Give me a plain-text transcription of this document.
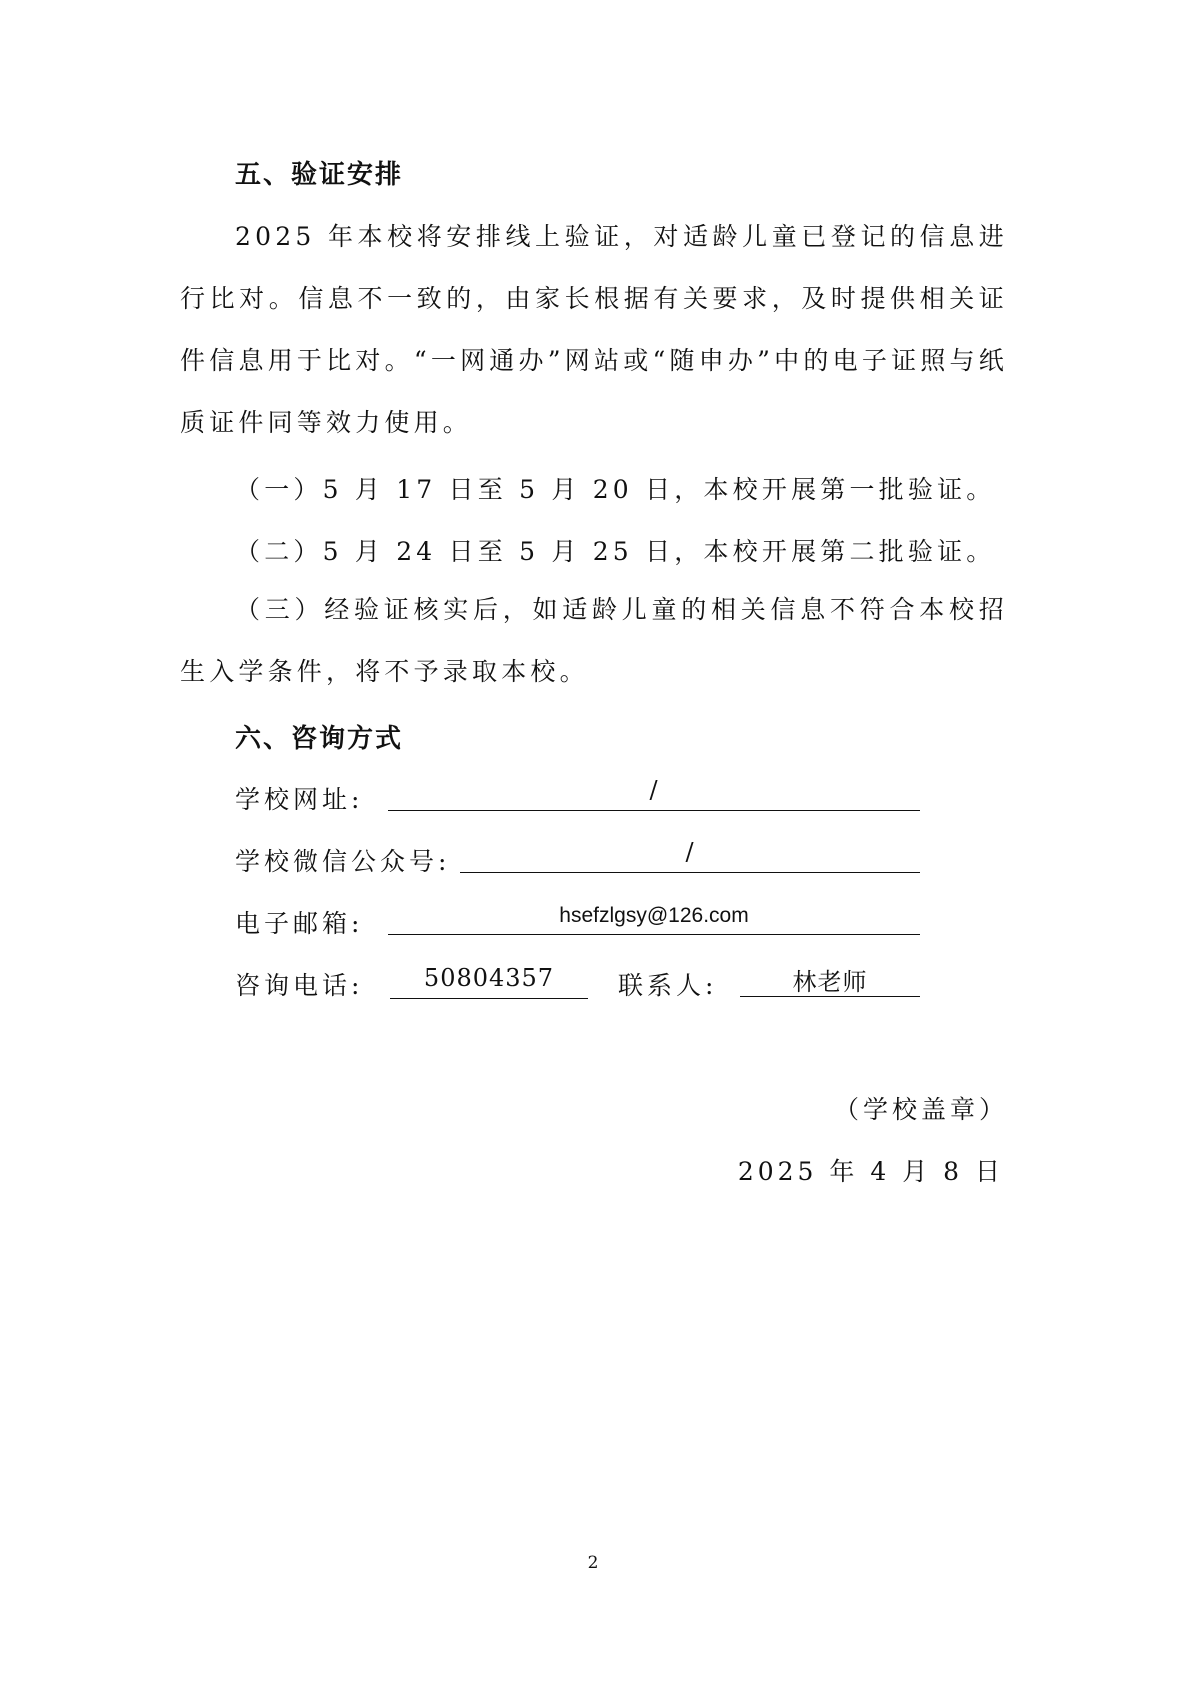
五、验证安排
2025 年本校将安排线上验证，对适龄儿童已登记的信息进行比对。信息不一致的，由家长根据有关要求，及时提供相关证件信息用于比对。“一网通办”网站或“随申办”中的电子证照与纸质证件同等效力使用。
（一）5 月 17 日至 5 月 20 日，本校开展第一批验证。
（二）5 月 24 日至 5 月 25 日，本校开展第二批验证。
（三）经验证核实后，如适龄儿童的相关信息不符合本校招生入学条件，将不予录取本校。
六、咨询方式
学校网址:	/
学校微信公众号:	/
电子邮箱:	hsefzlgsy@126.com
咨询电话:	50804357	联系人:	林老师
（学校盖章）
2025 年 4 月 8 日
2
